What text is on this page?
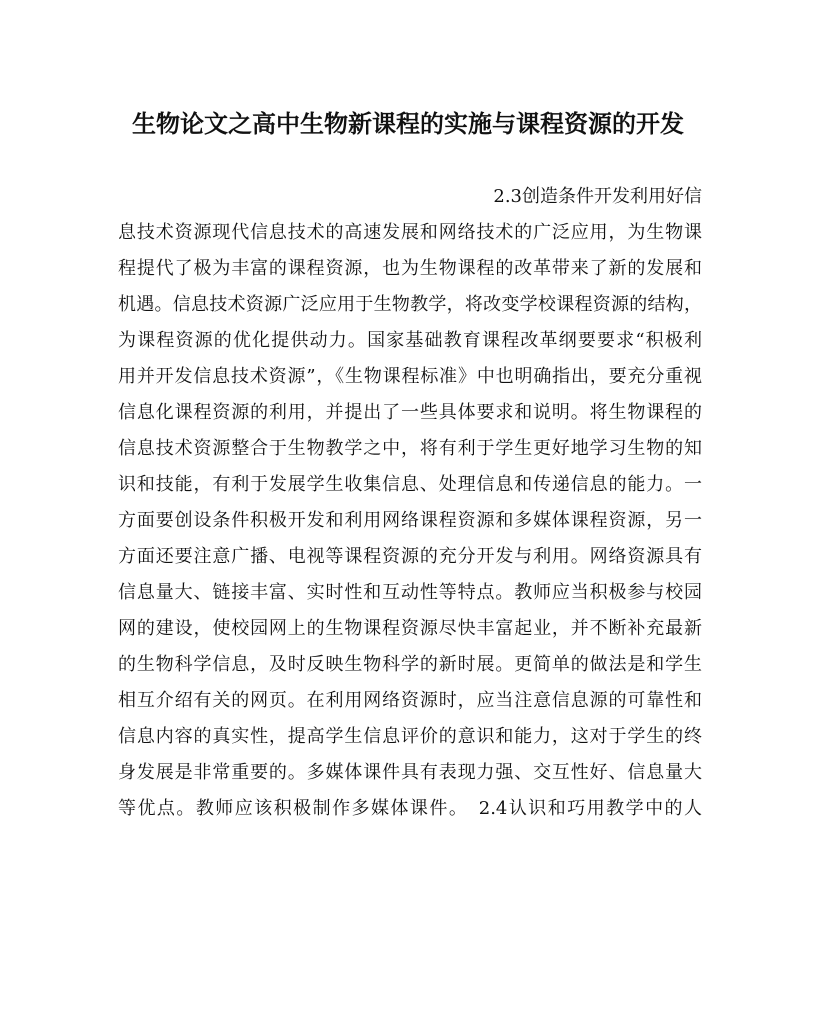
生物论文之高中生物新课程的实施与课程资源的开发
2.3创造条件开发利用好信
息技术资源现代信息技术的高速发展和网络技术的广泛应用，为生物课
程提代了极为丰富的课程资源，也为生物课程的改革带来了新的发展和
机遇。信息技术资源广泛应用于生物教学，将改变学校课程资源的结构，
为课程资源的优化提供动力。国家基础教育课程改革纲要要求“积极利
用并开发信息技术资源”，《生物课程标准》中也明确指出，要充分重视
信息化课程资源的利用，并提出了一些具体要求和说明。将生物课程的
信息技术资源整合于生物教学之中，将有利于学生更好地学习生物的知
识和技能，有利于发展学生收集信息、处理信息和传递信息的能力。一
方面要创设条件积极开发和利用网络课程资源和多媒体课程资源，另一
方面还要注意广播、电视等课程资源的充分开发与利用。网络资源具有
信息量大、链接丰富、实时性和互动性等特点。教师应当积极参与校园
网的建设，使校园网上的生物课程资源尽快丰富起业，并不断补充最新
的生物科学信息，及时反映生物科学的新时展。更简单的做法是和学生
相互介绍有关的网页。在利用网络资源时，应当注意信息源的可靠性和
信息内容的真实性，提高学生信息评价的意识和能力，这对于学生的终
身发展是非常重要的。多媒体课件具有表现力强、交互性好、信息量大
等优点。教师应该积极制作多媒体课件。　2.4认识和巧用教学中的人
